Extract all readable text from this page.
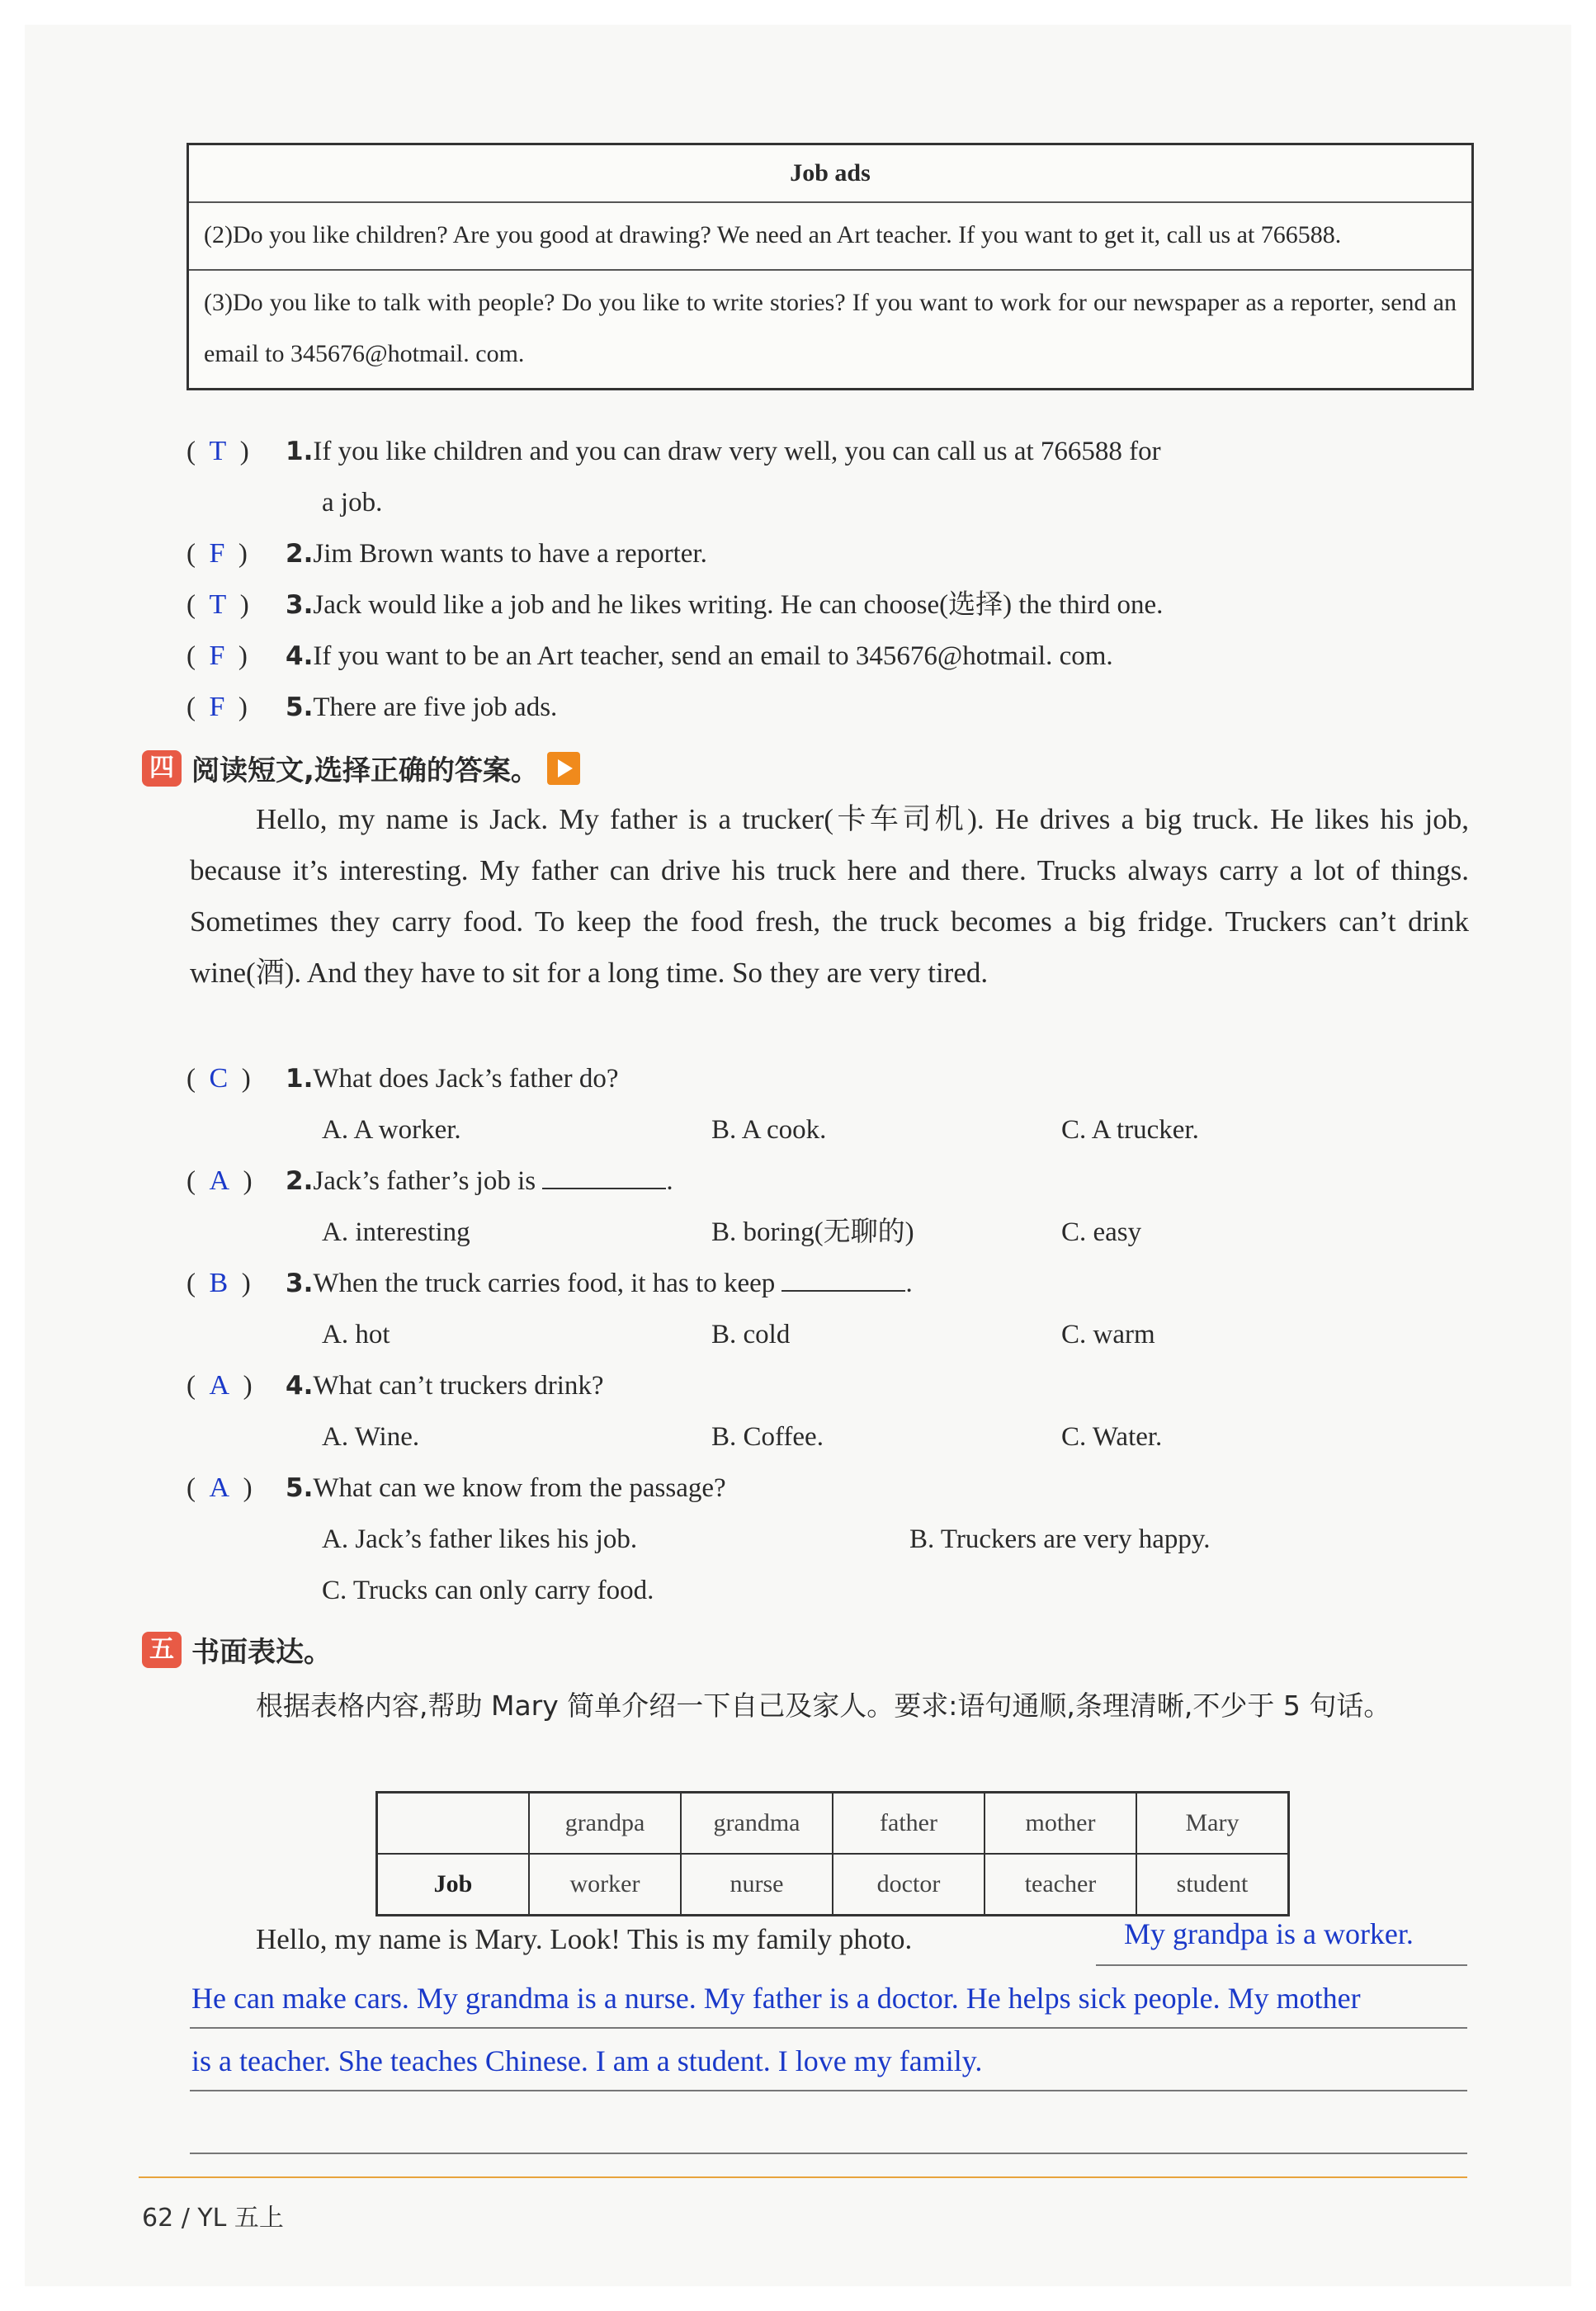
Job ads
(2)Do you like children? Are you good at drawing? We need an Art teacher. If you want to get it, call us at 766588.
(3)Do you like to talk with people? Do you like to write stories? If you want to work for our newspaper as a reporter, send an email to 345676@hotmail. com.
(  T  ) 1.If you like children and you can draw very well, you can call us at 766588 for
a job.
(  F  ) 2.Jim Brown wants to have a reporter.
(  T  ) 3.Jack would like a job and he likes writing. He can choose(选择) the third one.
(  F  ) 4.If you want to be an Art teacher, send an email to 345676@hotmail. com.
(  F  ) 5.There are five job ads.
四 阅读短文,选择正确的答案。
Hello, my name is Jack. My father is a trucker(卡车司机). He drives a big truck. He likes his job, because it’s interesting. My father can drive his truck here and there. Trucks always carry a lot of things. Sometimes they carry food. To keep the food fresh, the truck becomes a big fridge. Truckers can’t drink wine(酒). And they have to sit for a long time. So they are very tired.
(  C  ) 1.What does Jack’s father do?
A. A worker.	B. A cook.	C. A trucker.
(  A  ) 2.Jack’s father’s job is	.
A. interesting	B. boring(无聊的)	C. easy
(  B  ) 3.When the truck carries food, it has to keep	.
A. hot	B. cold	C. warm
(  A  ) 4.What can’t truckers drink?
A. Wine.	B. Coffee.	C. Water.
(  A  ) 5.What can we know from the passage?
A. Jack’s father likes his job.	B. Truckers are very happy.
C. Trucks can only carry food.
五 书面表达。
根据表格内容,帮助 Mary 简单介绍一下自己及家人。要求:语句通顺,条理清晰,不少于 5 句话。
	grandpa	grandma	father	mother	Mary
Job	worker	nurse	doctor	teacher	student
Hello, my name is Mary. Look! This is my family photo.	My grandpa is a worker.
He can make cars. My grandma is a nurse. My father is a doctor. He helps sick people. My mother
is a teacher. She teaches Chinese. I am a student. I love my family.
62 / YL 五上
